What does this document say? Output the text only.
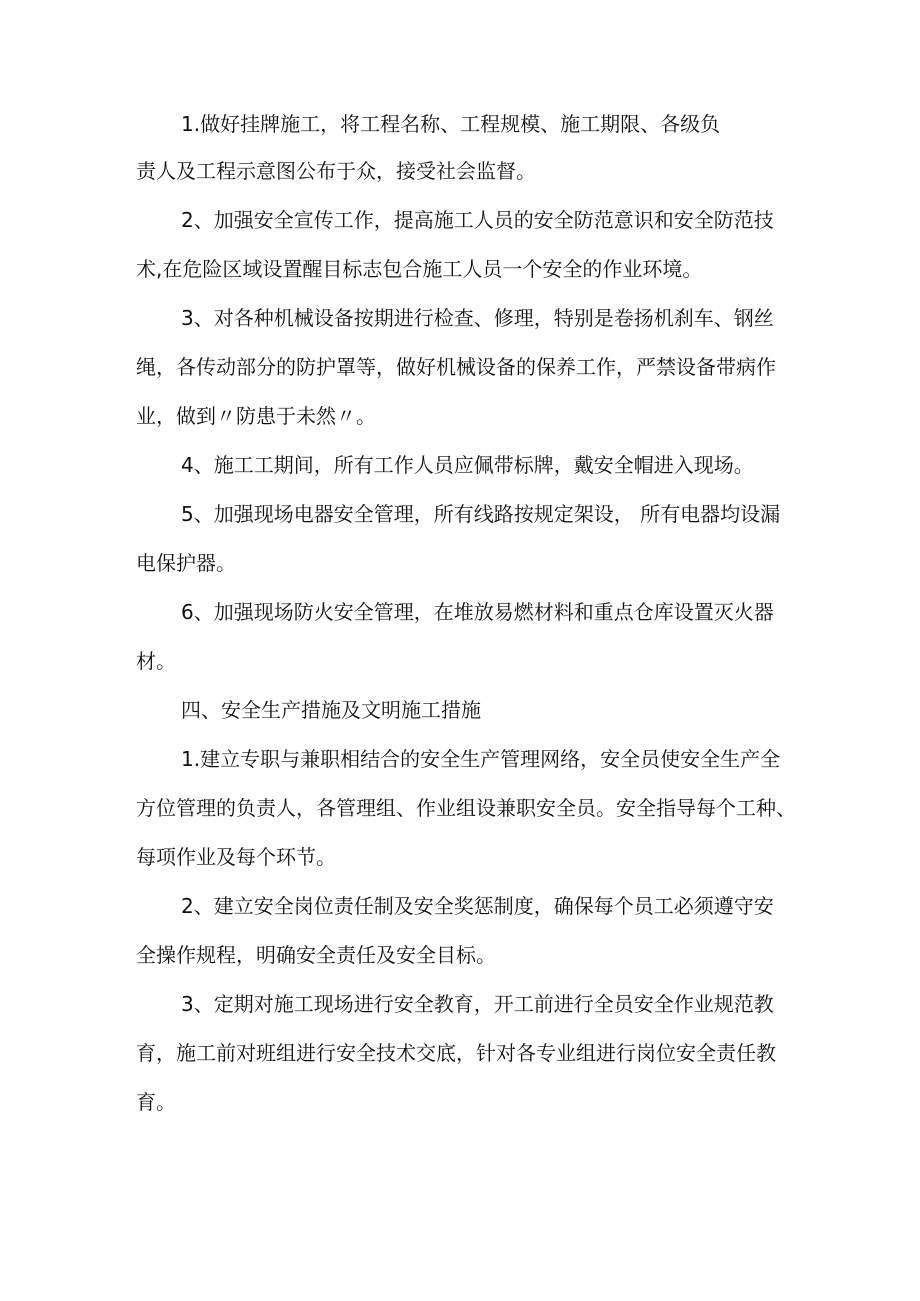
1.做好挂牌施工，将工程名称、工程规模、施工期限、各级负
责人及工程示意图公布于众，接受社会监督。
2、加强安全宣传工作，提高施工人员的安全防范意识和安全防范技
术,在危险区域设置醒目标志包合施工人员一个安全的作业环境。
3、对各种机械设备按期进行检查、修理，特别是卷扬机刹车、钢丝
绳，各传动部分的防护罩等，做好机械设备的保养工作，严禁设备带病作
业，做到〃防患于未然〃。
4、施工工期间，所有工作人员应佩带标牌，戴安全帽进入现场。
5、加强现场电器安全管理，所有线路按规定架设， 所有电器均设漏
电保护器。
6、加强现场防火安全管理，在堆放易燃材料和重点仓库设置灭火器
材。
四、安全生产措施及文明施工措施
1.建立专职与兼职相结合的安全生产管理网络，安全员使安全生产全
方位管理的负责人，各管理组、作业组设兼职安全员。安全指导每个工种、
每项作业及每个环节。
2、建立安全岗位责任制及安全奖惩制度，确保每个员工必须遵守安
全操作规程，明确安全责任及安全目标。
3、定期对施工现场进行安全教育，开工前进行全员安全作业规范教
育，施工前对班组进行安全技术交底，针对各专业组进行岗位安全责任教
育。
